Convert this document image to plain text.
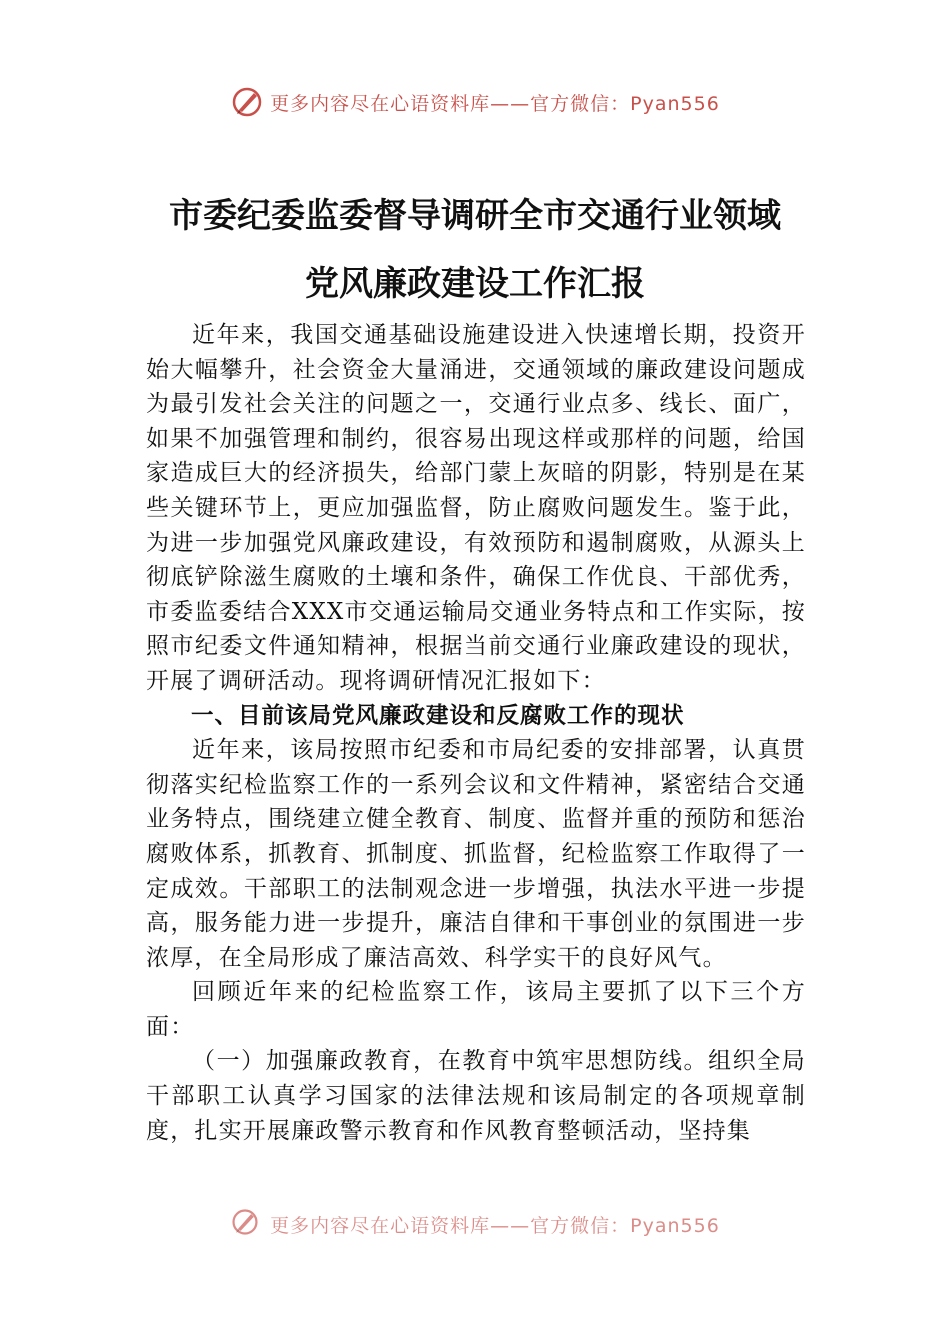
更多内容尽在心语资料库——官方微信：Pyan556
市委纪委监委督导调研全市交通行业领域
党风廉政建设工作汇报

近年来，我国交通基础设施建设进入快速增长期，投资开始大幅攀升，社会资金大量涌进，交通领域的廉政建设问题成为最引发社会关注的问题之一，交通行业点多、线长、面广，如果不加强管理和制约，很容易出现这样或那样的问题，给国家造成巨大的经济损失，给部门蒙上灰暗的阴影，特别是在某些关键环节上，更应加强监督，防止腐败问题发生。鉴于此，为进一步加强党风廉政建设，有效预防和遏制腐败，从源头上彻底铲除滋生腐败的土壤和条件，确保工作优良、干部优秀，市委监委结合XXX市交通运输局交通业务特点和工作实际，按照市纪委文件通知精神，根据当前交通行业廉政建设的现状，开展了调研活动。现将调研情况汇报如下：

一、目前该局党风廉政建设和反腐败工作的现状

近年来，该局按照市纪委和市局纪委的安排部署，认真贯彻落实纪检监察工作的一系列会议和文件精神，紧密结合交通业务特点，围绕建立健全教育、制度、监督并重的预防和惩治腐败体系，抓教育、抓制度、抓监督，纪检监察工作取得了一定成效。干部职工的法制观念进一步增强，执法水平进一步提高，服务能力进一步提升，廉洁自律和干事创业的氛围进一步浓厚，在全局形成了廉洁高效、科学实干的良好风气。

回顾近年来的纪检监察工作，该局主要抓了以下三个方面：

（一）加强廉政教育，在教育中筑牢思想防线。组织全局干部职工认真学习国家的法律法规和该局制定的各项规章制度，扎实开展廉政警示教育和作风教育整顿活动，坚持集

更多内容尽在心语资料库——官方微信：Pyan556
